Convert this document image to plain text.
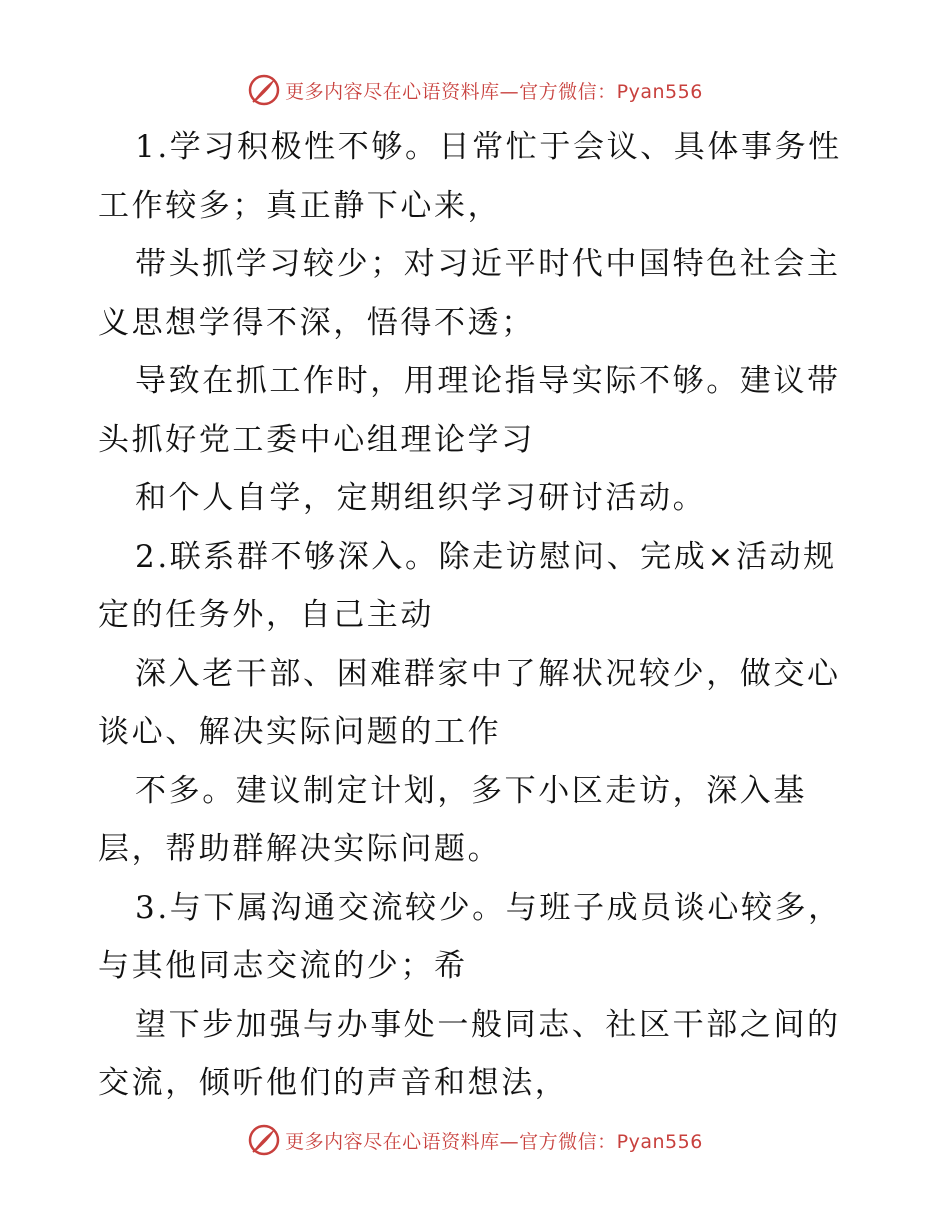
更多内容尽在心语资料库—官方微信：Pyan556

1.学习积极性不够。日常忙于会议、具体事务性

工作较多；真正静下心来，

带头抓学习较少；对习近平时代中国特色社会主

义思想学得不深，悟得不透；

导致在抓工作时，用理论指导实际不够。建议带

头抓好党工委中心组理论学习

和个人自学，定期组织学习研讨活动。

2.联系群不够深入。除走访慰问、完成×活动规

定的任务外，自己主动

深入老干部、困难群家中了解状况较少，做交心

谈心、解决实际问题的工作

不多。建议制定计划，多下小区走访，深入基

层，帮助群解决实际问题。

3.与下属沟通交流较少。与班子成员谈心较多，

与其他同志交流的少；希

望下步加强与办事处一般同志、社区干部之间的

交流，倾听他们的声音和想法，

更多内容尽在心语资料库—官方微信：Pyan556
